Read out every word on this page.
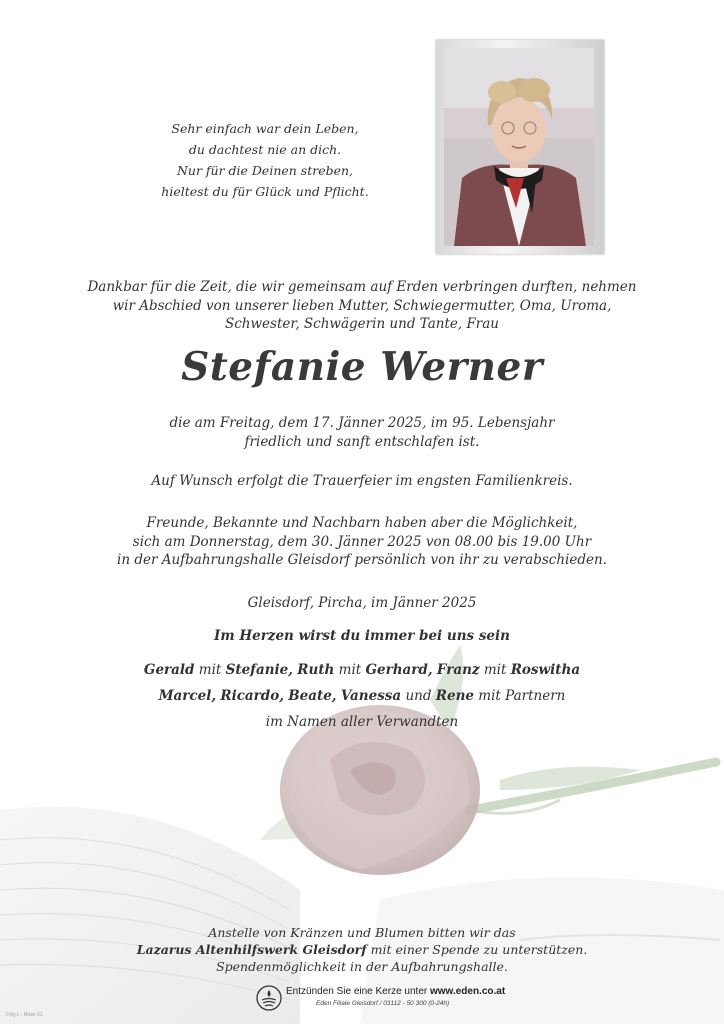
Sehr einfach war dein Leben,
du dachtest nie an dich.
Nur für die Deinen streben,
hieltest du für Glück und Pflicht.
Dankbar für die Zeit, die wir gemeinsam auf Erden verbringen durften, nehmen
wir Abschied von unserer lieben Mutter, Schwiegermutter, Oma, Uroma,
Schwester, Schwägerin und Tante, Frau
Stefanie Werner
die am Freitag, dem 17. Jänner 2025, im 95. Lebensjahr
friedlich und sanft entschlafen ist.
Auf Wunsch erfolgt die Trauerfeier im engsten Familienkreis.
Freunde, Bekannte und Nachbarn haben aber die Möglichkeit,
sich am Donnerstag, dem 30. Jänner 2025 von 08.00 bis 19.00 Uhr
in der Aufbahrungshalle Gleisdorf persönlich von ihr zu verabschieden.
Gleisdorf, Pircha, im Jänner 2025
Im Herzen wirst du immer bei uns sein
Gerald mit Stefanie, Ruth mit Gerhard, Franz mit Roswitha
Marcel, Ricardo, Beate, Vanessa und Rene mit Partnern
im Namen aller Verwandten
Anstelle von Kränzen und Blumen bitten wir das
Lazarus Altenhilfswerk Gleisdorf mit einer Spende zu unterstützen.
Spendenmöglichkeit in der Aufbahrungshalle.
Entzünden Sie eine Kerze unter www.eden.co.at
Eden Filiale Gleisdorf / 03112 - 50 300 (0-24h)
0 by L - Rose 01
